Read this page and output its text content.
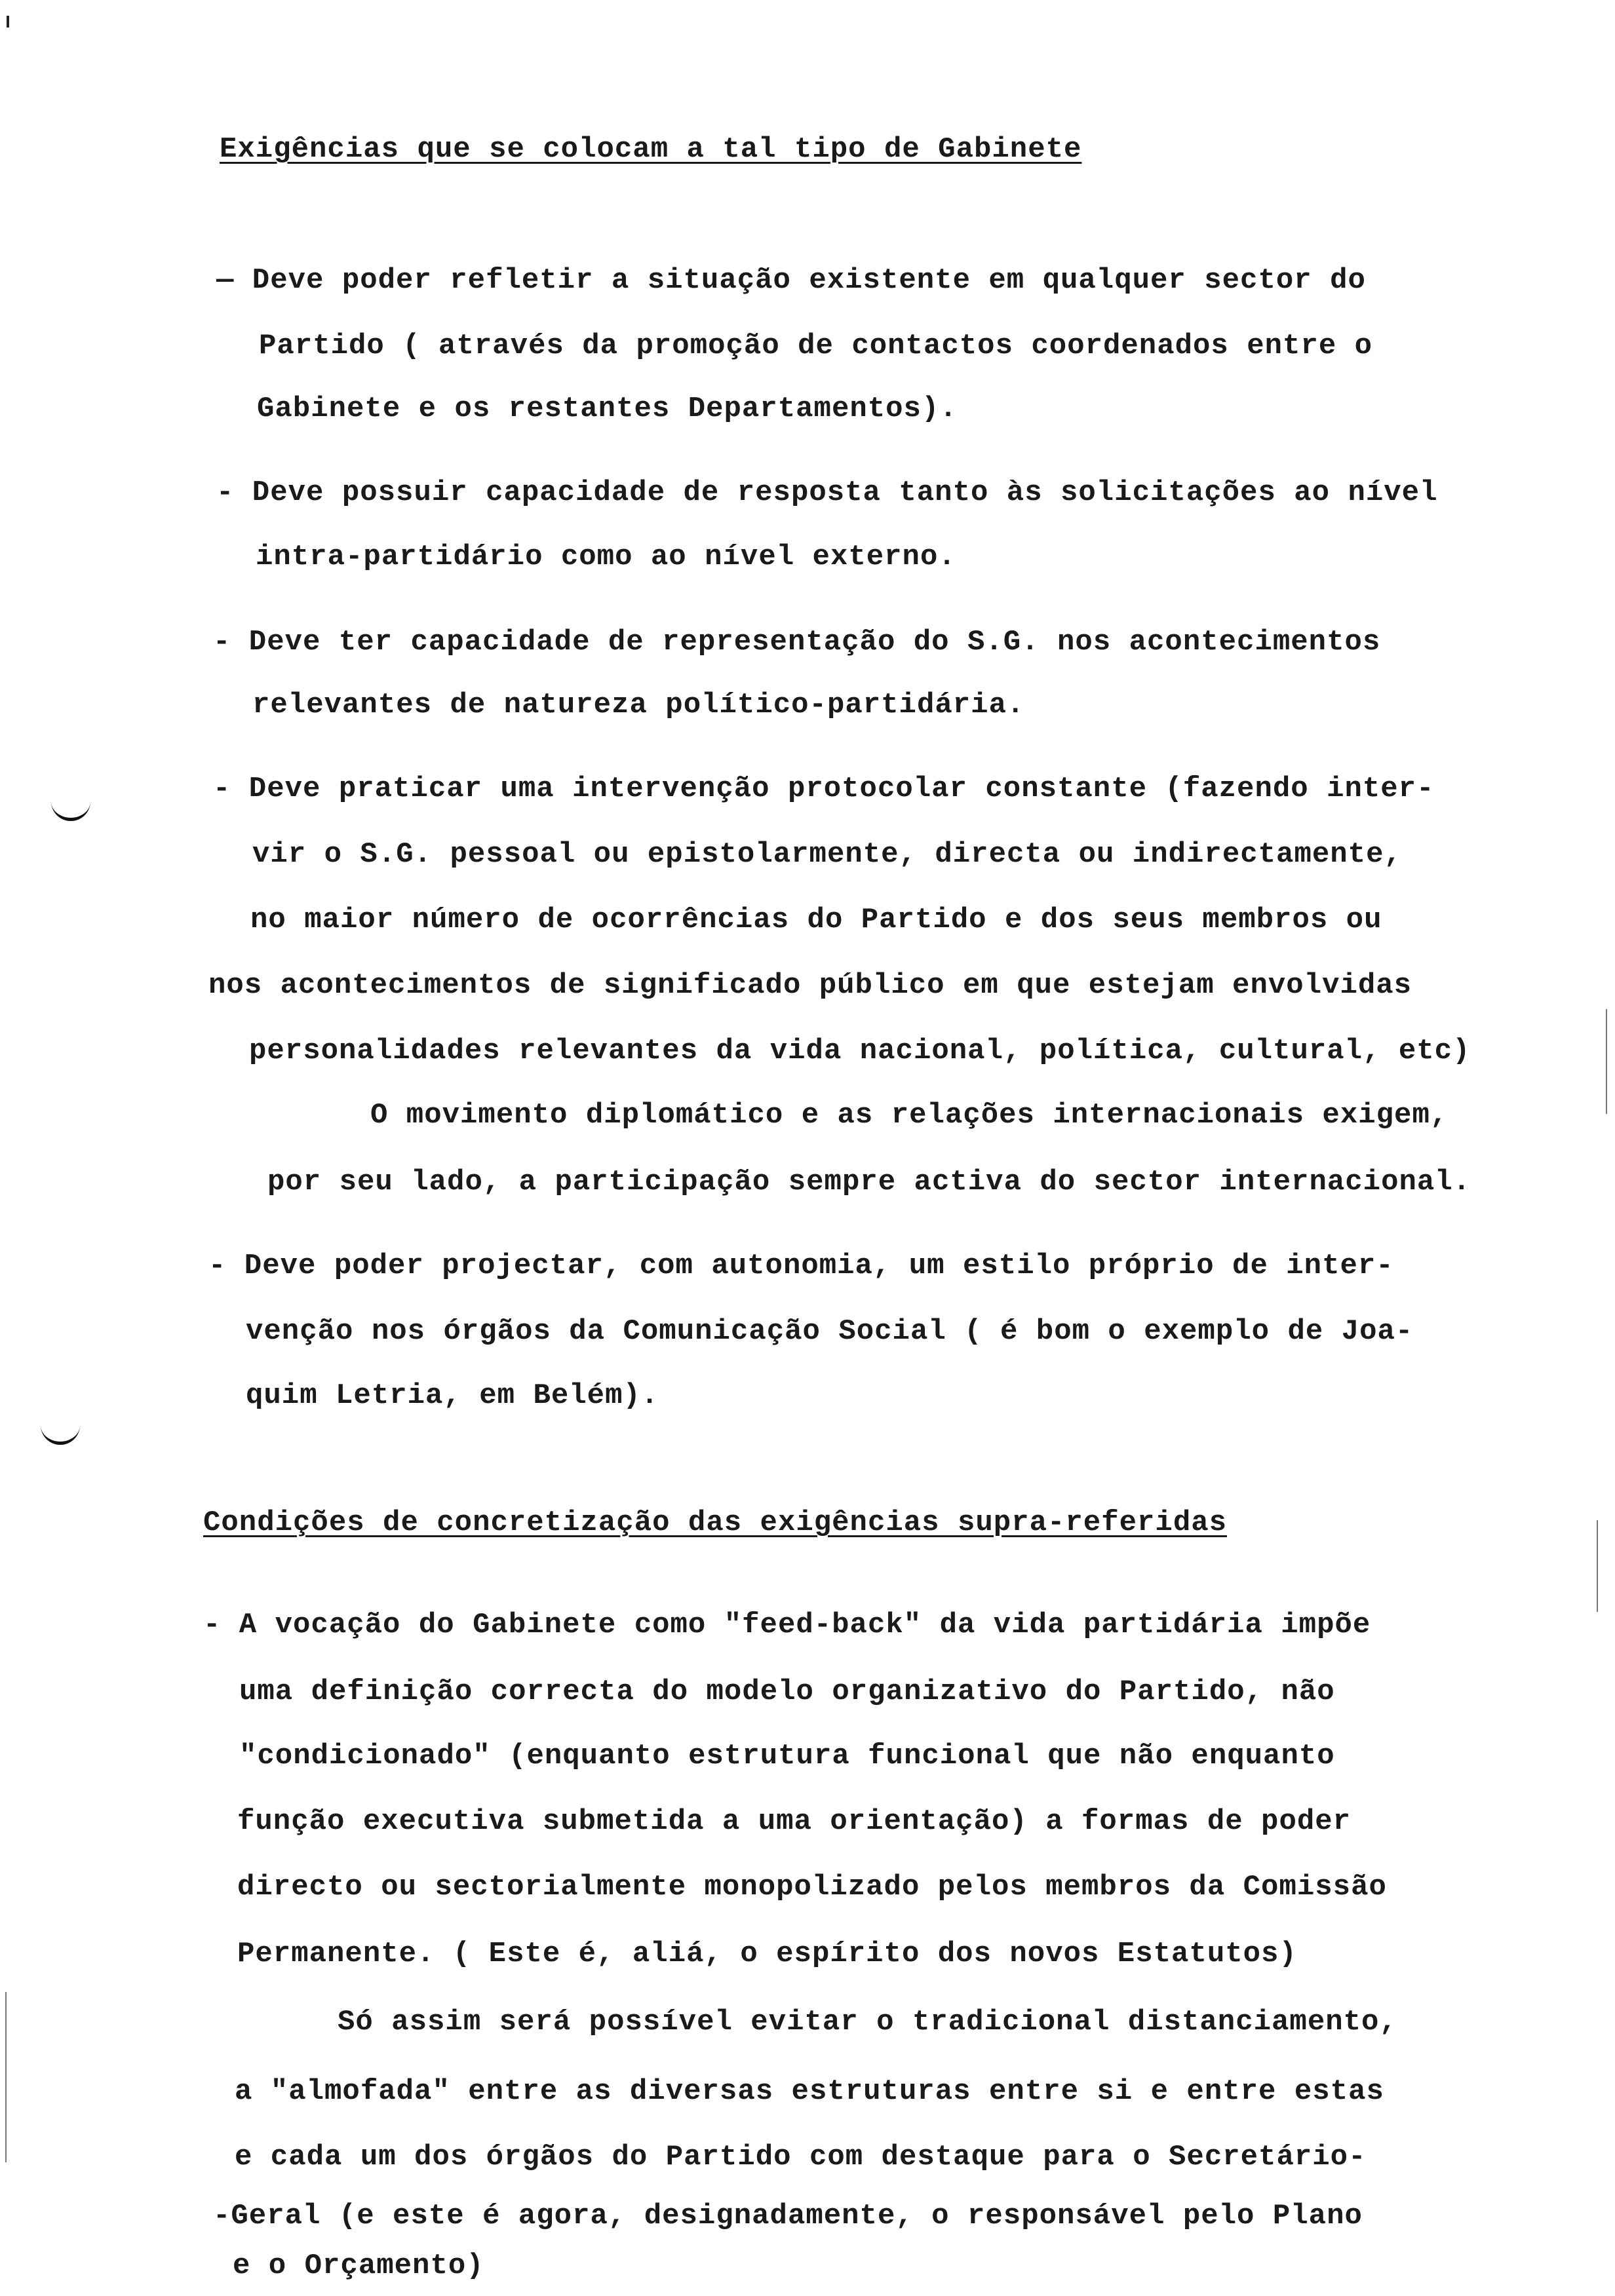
Exigências que se colocam a tal tipo de Gabinete
— Deve poder refletir a situação existente em qualquer sector do
Partido ( através da promoção de contactos coordenados entre o
Gabinete e os restantes Departamentos).
- Deve possuir capacidade de resposta tanto às solicitações ao nível
intra-partidário como ao nível externo.
- Deve ter capacidade de representação do S.G. nos acontecimentos
relevantes de natureza político-partidária.
- Deve praticar uma intervenção protocolar constante (fazendo inter-
vir o S.G. pessoal ou epistolarmente, directa ou indirectamente,
no maior número de ocorrências do Partido e dos seus membros ou
nos acontecimentos de significado público em que estejam envolvidas
personalidades relevantes da vida nacional, política, cultural, etc)
O movimento diplomático e as relações internacionais exigem,
por seu lado, a participação sempre activa do sector internacional.
- Deve poder projectar, com autonomia, um estilo próprio de inter-
venção nos órgãos da Comunicação Social ( é bom o exemplo de Joa-
quim Letria, em Belém).
Condições de concretização das exigências supra-referidas
- A vocação do Gabinete como "feed-back" da vida partidária impõe
uma definição correcta do modelo organizativo do Partido, não
"condicionado" (enquanto estrutura funcional que não enquanto
função executiva submetida a uma orientação) a formas de poder
directo ou sectorialmente monopolizado pelos membros da Comissão
Permanente. ( Este é, aliá, o espírito dos novos Estatutos)
Só assim será possível evitar o tradicional distanciamento,
a "almofada" entre as diversas estruturas entre si e entre estas
e cada um dos órgãos do Partido com destaque para o Secretário-
-Geral (e este é agora, designadamente, o responsável pelo Plano
e o Orçamento)
